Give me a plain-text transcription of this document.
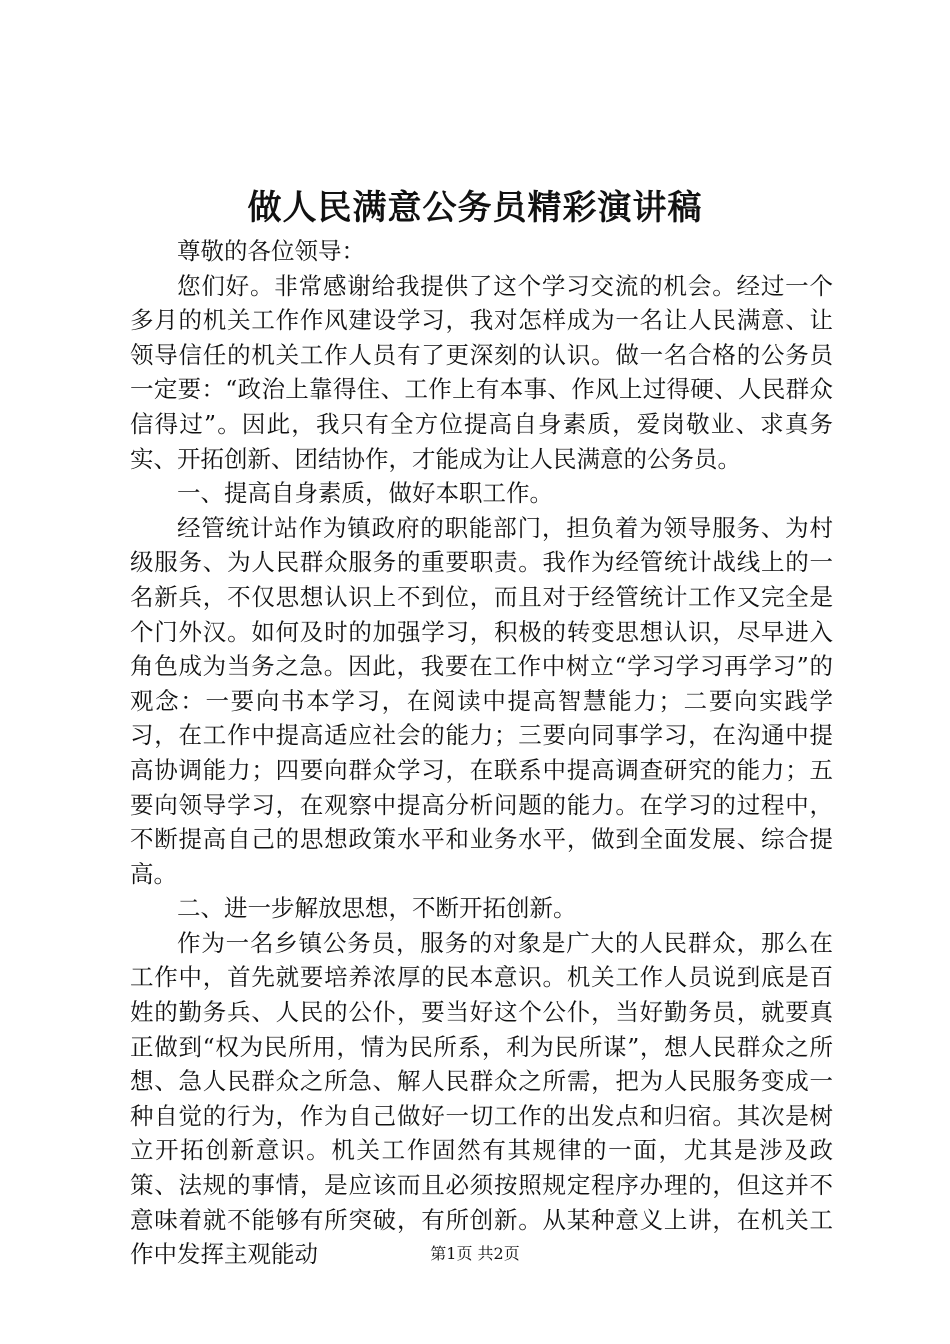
做人民满意公务员精彩演讲稿

尊敬的各位领导：

您们好。非常感谢给我提供了这个学习交流的机会。经过一个多月的机关工作作风建设学习，我对怎样成为一名让人民满意、让领导信任的机关工作人员有了更深刻的认识。做一名合格的公务员一定要：“政治上靠得住、工作上有本事、作风上过得硬、人民群众信得过”。因此，我只有全方位提高自身素质，爱岗敬业、求真务实、开拓创新、团结协作，才能成为让人民满意的公务员。

一、提高自身素质，做好本职工作。

经管统计站作为镇政府的职能部门，担负着为领导服务、为村级服务、为人民群众服务的重要职责。我作为经管统计战线上的一名新兵，不仅思想认识上不到位，而且对于经管统计工作又完全是个门外汉。如何及时的加强学习，积极的转变思想认识，尽早进入角色成为当务之急。因此，我要在工作中树立“学习学习再学习”的观念：一要向书本学习，在阅读中提高智慧能力；二要向实践学习，在工作中提高适应社会的能力；三要向同事学习，在沟通中提高协调能力；四要向群众学习，在联系中提高调查研究的能力；五要向领导学习，在观察中提高分析问题的能力。在学习的过程中，不断提高自己的思想政策水平和业务水平，做到全面发展、综合提高。

二、进一步解放思想，不断开拓创新。

作为一名乡镇公务员，服务的对象是广大的人民群众，那么在工作中，首先就要培养浓厚的民本意识。机关工作人员说到底是百姓的勤务兵、人民的公仆，要当好这个公仆，当好勤务员，就要真正做到“权为民所用，情为民所系，利为民所谋”，想人民群众之所想、急人民群众之所急、解人民群众之所需，把为人民服务变成一种自觉的行为，作为自己做好一切工作的出发点和归宿。其次是树立开拓创新意识。机关工作固然有其规律的一面，尤其是涉及政策、法规的事情，是应该而且必须按照规定程序办理的，但这并不意味着就不能够有所突破，有所创新。从某种意义上讲，在机关工作中发挥主观能动	第1页 共2页
